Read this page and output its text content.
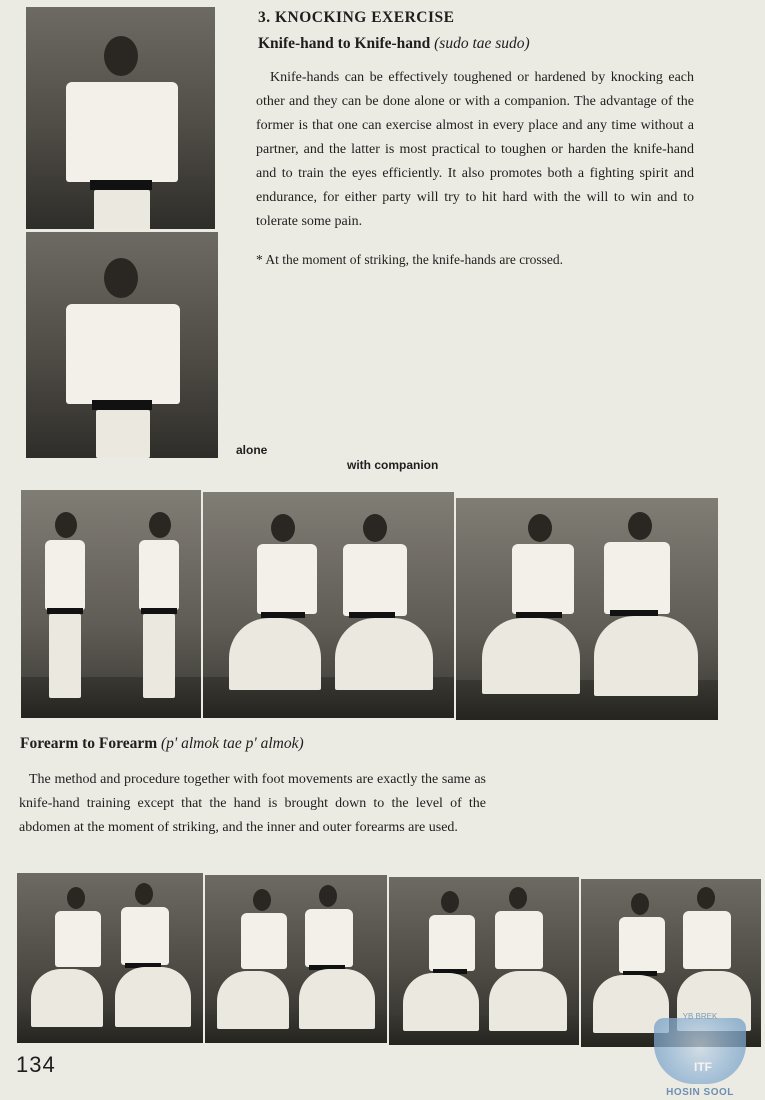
3. KNOCKING EXERCISE
Knife-hand to Knife-hand (sudo tae sudo)

Knife-hands can be effectively toughened or hardened by knocking each other and they can be done alone or with a companion. The advantage of the former is that one can exercise almost in every place and any time without a partner, and the latter is most practical to toughen or harden the knife-hand and to train the eyes efficiently. It also promotes both a fighting spirit and endurance, for either party will try to hit hard with the will to win and to tolerate some pain.

* At the moment of striking, the knife-hands are crossed.
alone
with companion
Forearm to Forearm (p' almok tae p' almok)

The method and procedure together with foot movements are exactly the same as knife-hand training except that the hand is brought down to the level of the abdomen at the moment of striking, and the inner and outer forearms are used.

134
YB BREK
ITF
HOSIN SOOL
